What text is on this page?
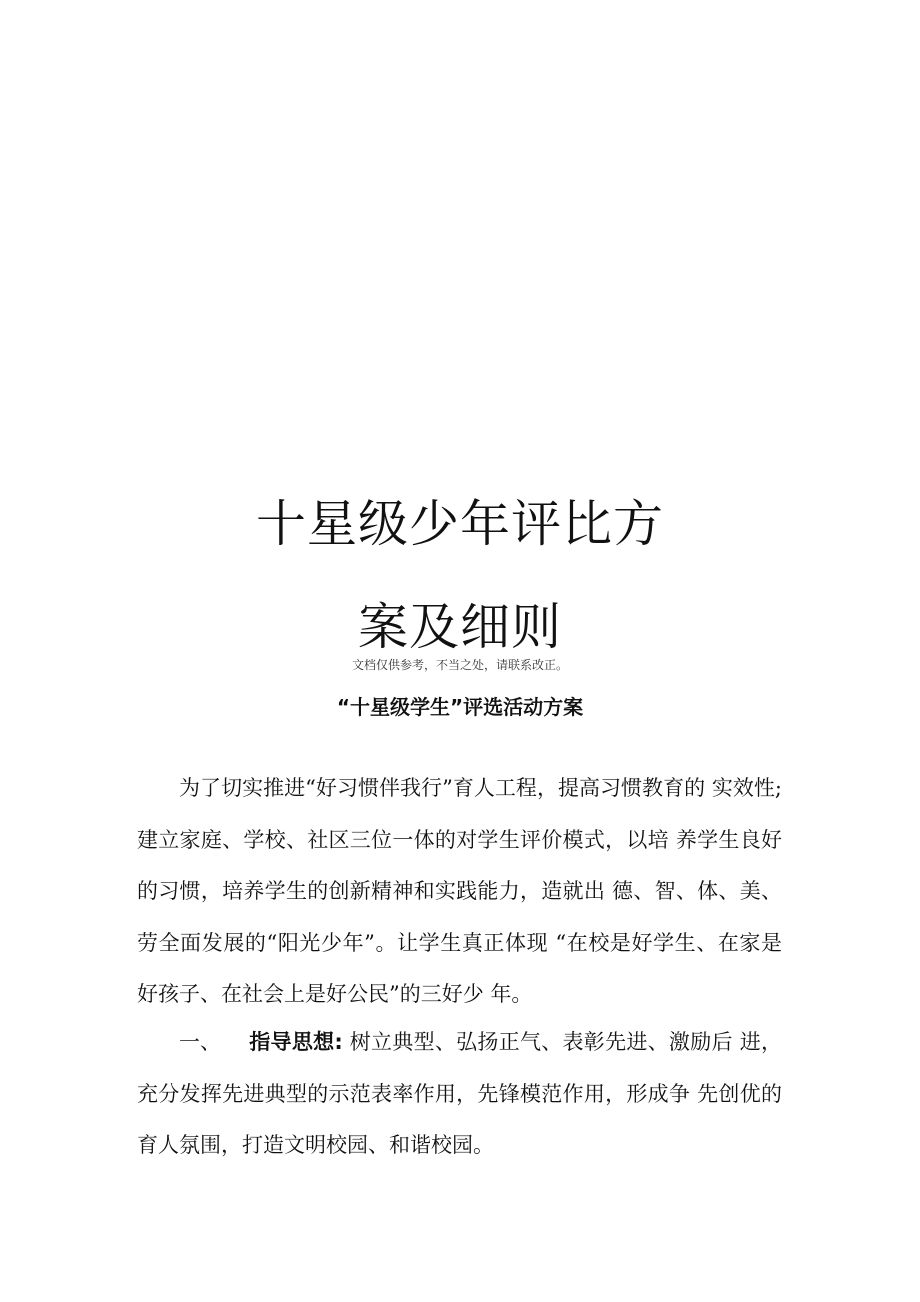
十星级少年评比方
案及细则
文档仅供参考，不当之处，请联系改正。
“十星级学生”评选活动方案
为了切实推进“好习惯伴我行”育人工程，提高习惯教育的 实效性;建立家庭、学校、社区三位一体的对学生评价模式，以培 养学生良好的习惯，培养学生的创新精神和实践能力，造就出 德、智、体、美、劳全面发展的“阳光少年”。让学生真正体现 “在校是好学生、在家是好孩子、在社会上是好公民”的三好少 年。
一、 指导思想: 树立典型、弘扬正气、表彰先进、激励后 进，充分发挥先进典型的示范表率作用，先锋模范作用，形成争 先创优的育人氛围，打造文明校园、和谐校园。
